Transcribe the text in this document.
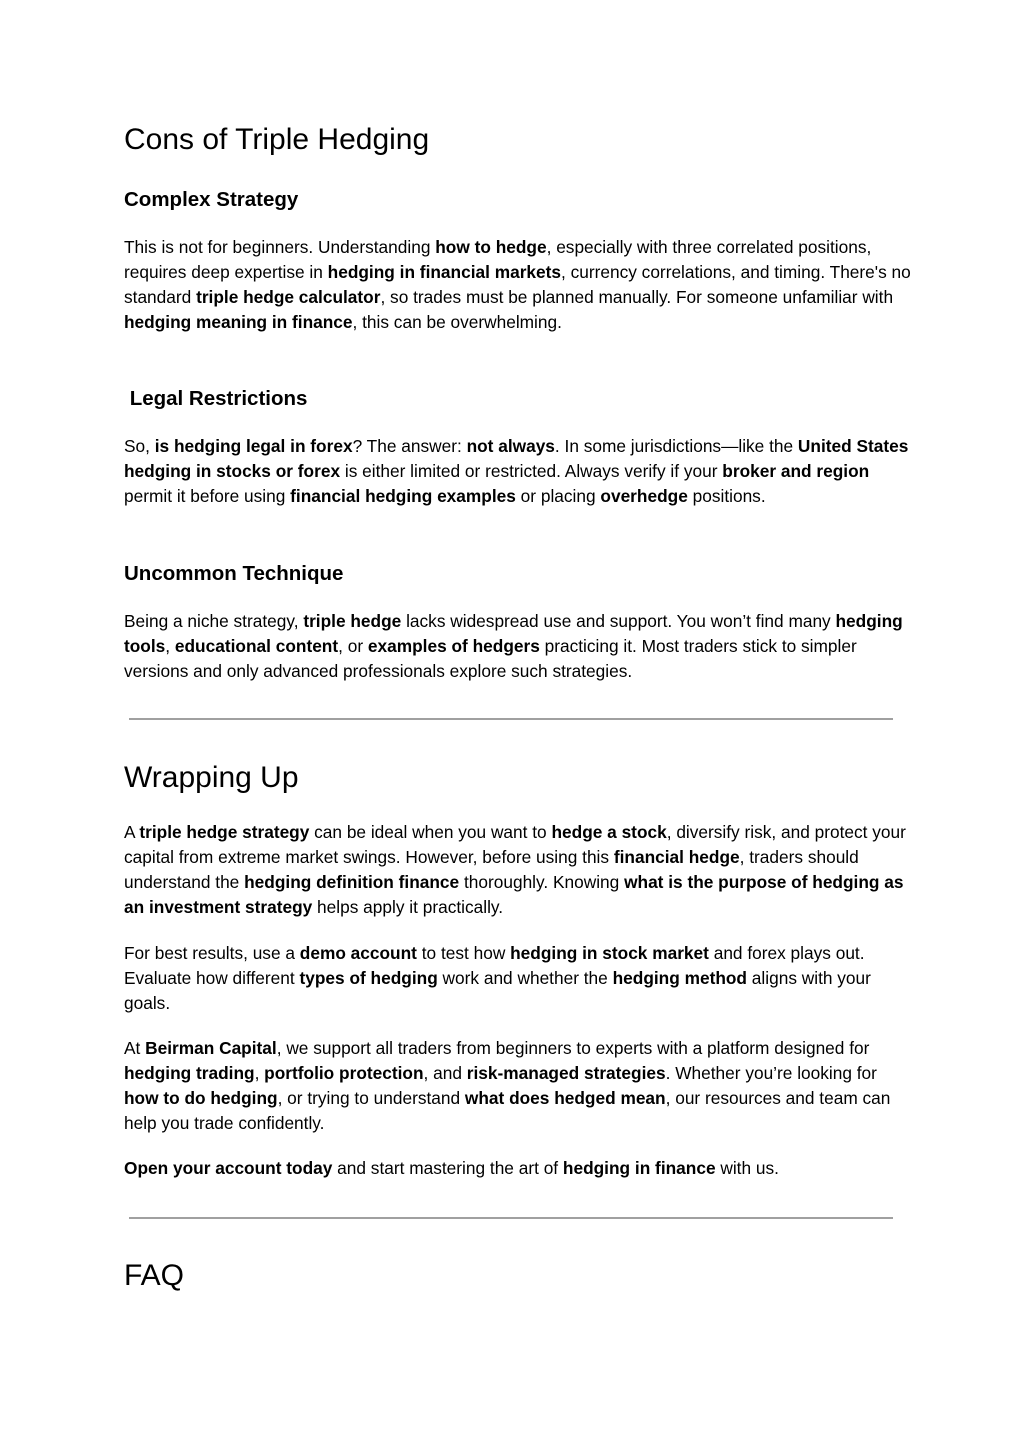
Cons of Triple Hedging
Complex Strategy

This is not for beginners. Understanding how to hedge, especially with three correlated positions, requires deep expertise in hedging in financial markets, currency correlations, and timing. There's no standard triple hedge calculator, so trades must be planned manually. For someone unfamiliar with hedging meaning in finance, this can be overwhelming.

Legal Restrictions

So, is hedging legal in forex? The answer: not always. In some jurisdictions—like the United States hedging in stocks or forex is either limited or restricted. Always verify if your broker and region permit it before using financial hedging examples or placing overhedge positions.

Uncommon Technique

Being a niche strategy, triple hedge lacks widespread use and support. You won’t find many hedging tools, educational content, or examples of hedgers practicing it. Most traders stick to simpler versions and only advanced professionals explore such strategies.

Wrapping Up

A triple hedge strategy can be ideal when you want to hedge a stock, diversify risk, and protect your capital from extreme market swings. However, before using this financial hedge, traders should understand the hedging definition finance thoroughly. Knowing what is the purpose of hedging as an investment strategy helps apply it practically.

For best results, use a demo account to test how hedging in stock market and forex plays out. Evaluate how different types of hedging work and whether the hedging method aligns with your goals.

At Beirman Capital, we support all traders from beginners to experts with a platform designed for hedging trading, portfolio protection, and risk-managed strategies. Whether you’re looking for how to do hedging, or trying to understand what does hedged mean, our resources and team can help you trade confidently.

Open your account today and start mastering the art of hedging in finance with us.

FAQ
